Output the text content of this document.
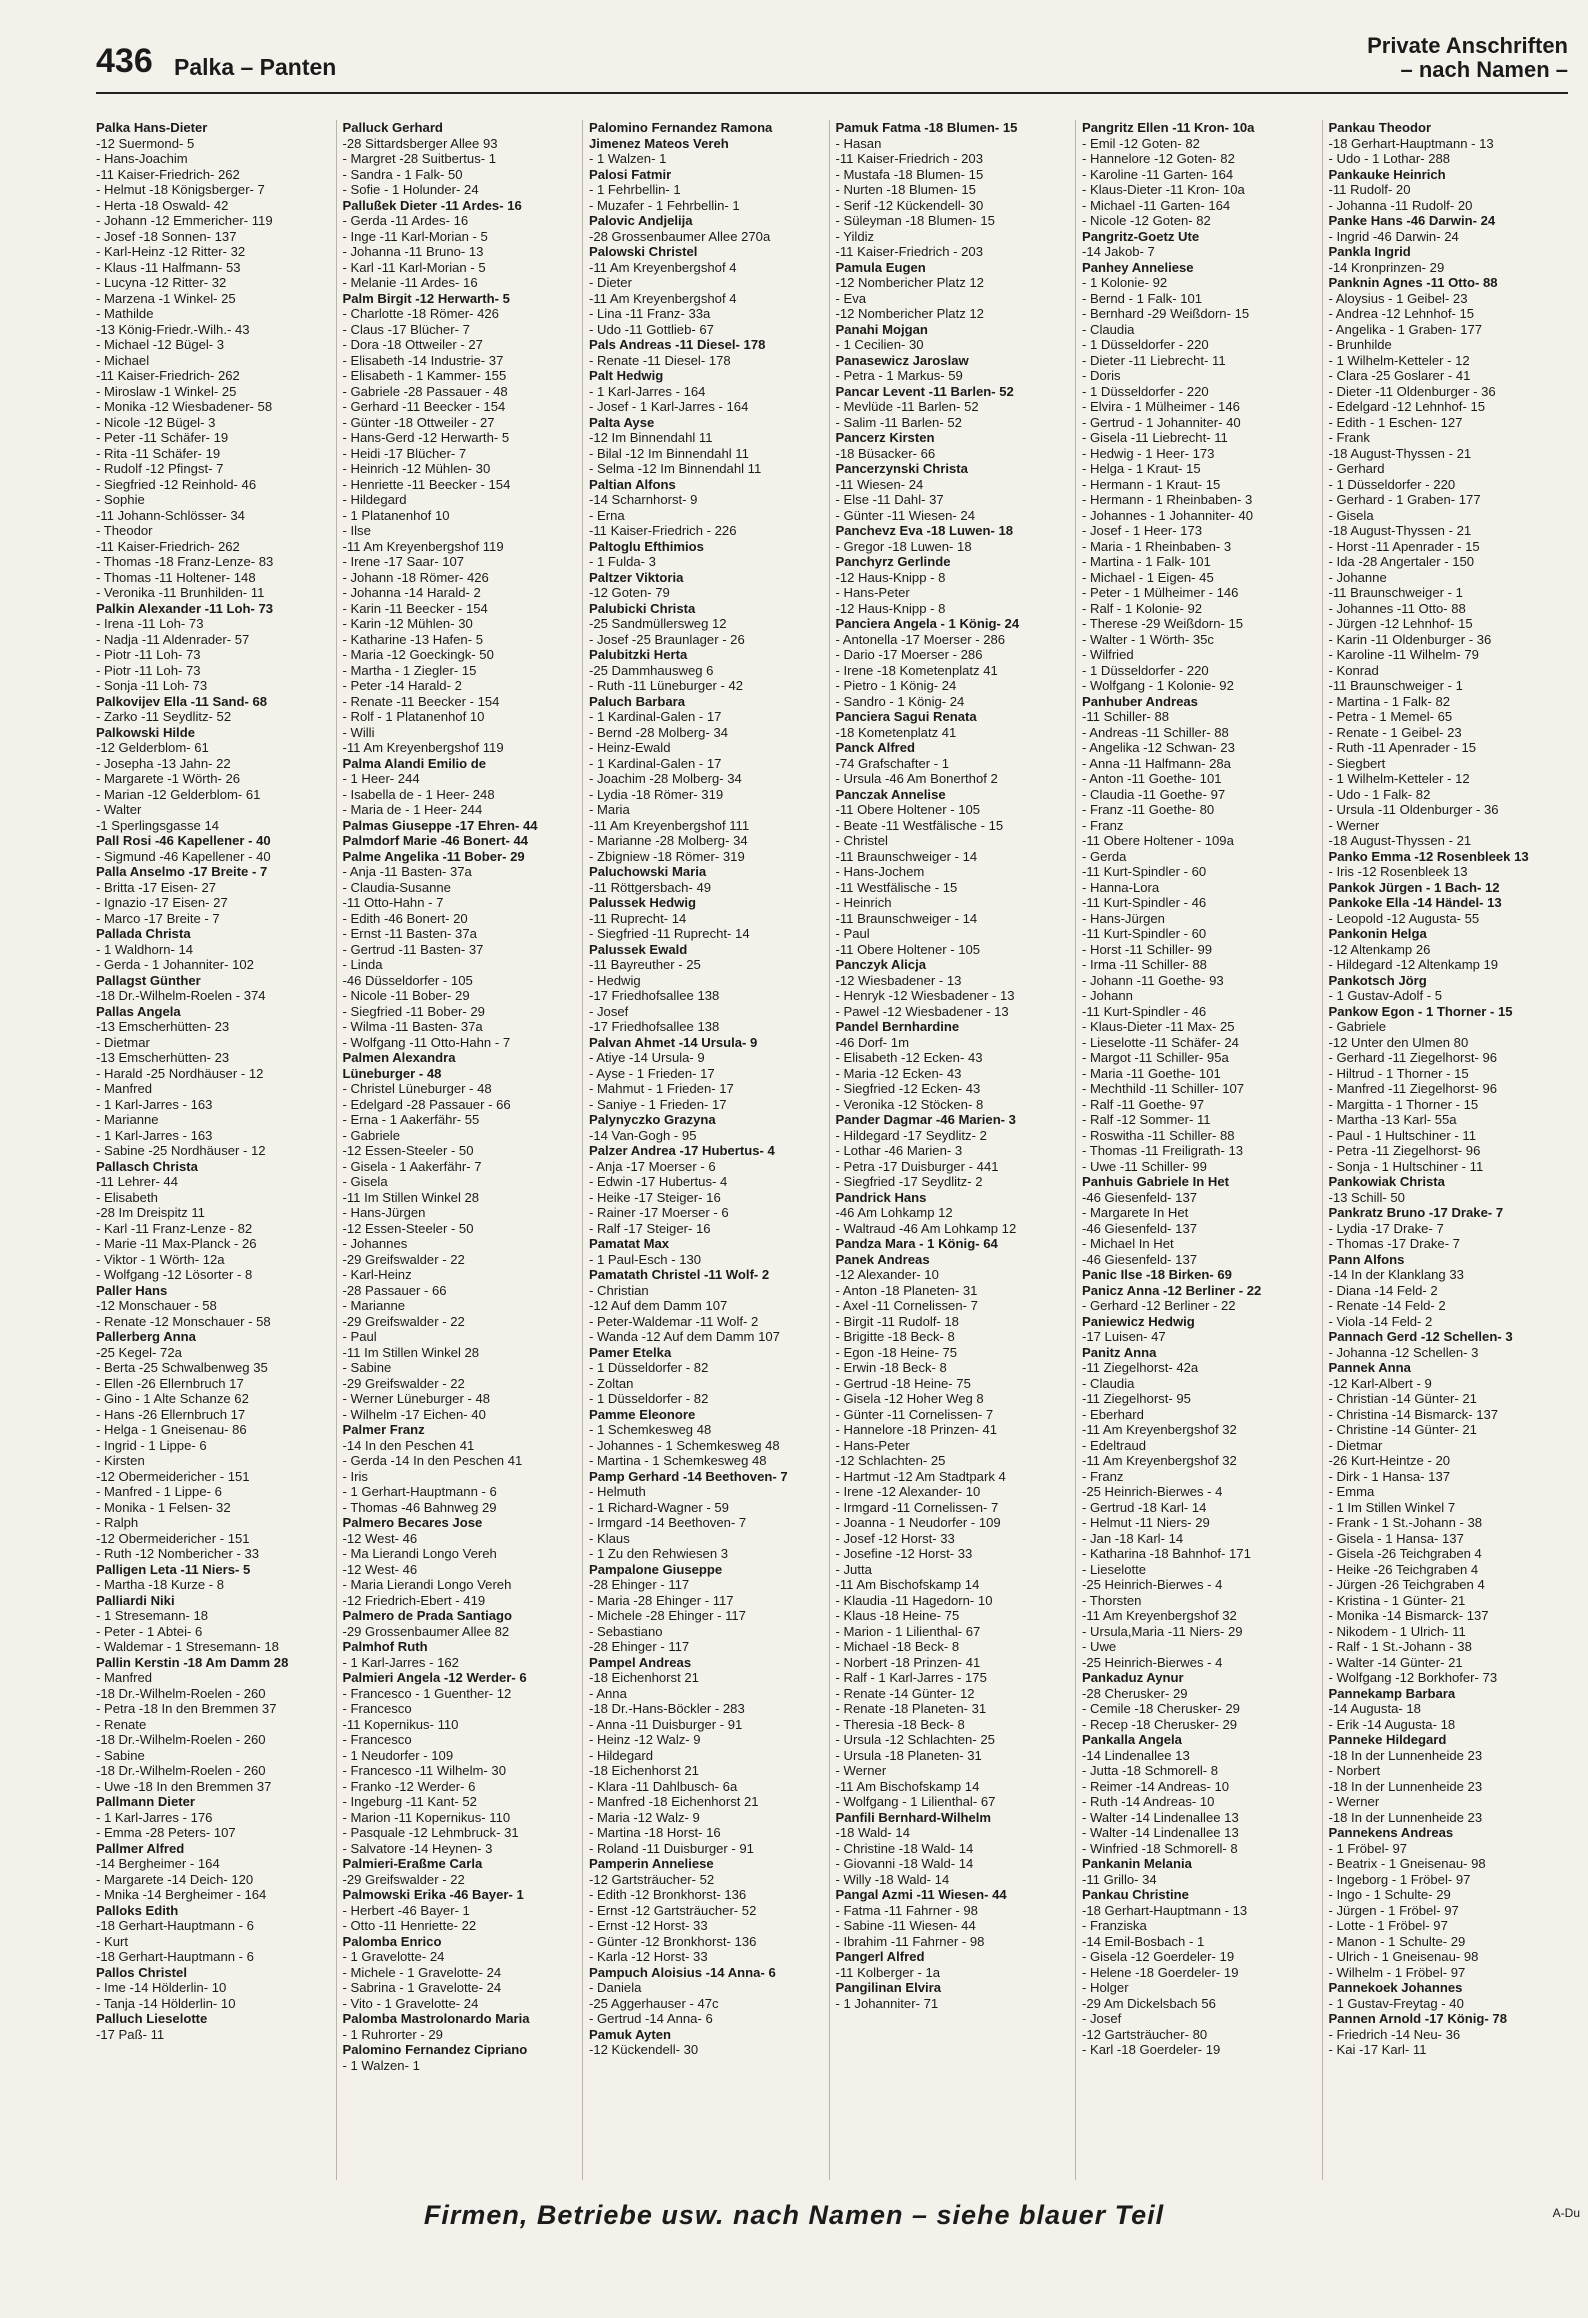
436 Palka – Panten
Private Anschriften
– nach Namen –
Palka Hans-Dieter
-12 Suermond- 5
- Hans-Joachim
-11 Kaiser-Friedrich- 262
- Helmut -18 Königsberger- 7
- Herta -18 Oswald- 42
- Johann -12 Emmericher- 119
- Josef -18 Sonnen- 137
- Karl-Heinz -12 Ritter- 32
- Klaus -11 Halfmann- 53
- Lucyna -12 Ritter- 32
- Marzena -1 Winkel- 25
- Mathilde
-13 König-Friedr.-Wilh.- 43
- Michael -12 Bügel- 3
- Michael
-11 Kaiser-Friedrich- 262
- Miroslaw -1 Winkel- 25
- Monika -12 Wiesbadener- 58
- Nicole -12 Bügel- 3
- Peter -11 Schäfer- 19
- Rita -11 Schäfer- 19
- Rudolf -12 Pfingst- 7
- Siegfried -12 Reinhold- 46
- Sophie
-11 Johann-Schlösser- 34
- Theodor
-11 Kaiser-Friedrich- 262
- Thomas -18 Franz-Lenze- 83
- Thomas -11 Holtener- 148
- Veronika -11 Brunhilden- 11
Palkin Alexander -11 Loh- 73
- Irena -11 Loh- 73
- Nadja -11 Aldenrader- 57
- Piotr -11 Loh- 73
- Piotr -11 Loh- 73
- Sonja -11 Loh- 73
Palkovijev Ella -11 Sand- 68
- Zarko -11 Seydlitz- 52
Palkowski Hilde
-12 Gelderblom- 61
- Josepha -13 Jahn- 22
- Margarete -1 Wörth- 26
- Marian -12 Gelderblom- 61
- Walter
-1 Sperlingsgasse 14
Pall Rosi -46 Kapellener - 40
- Sigmund -46 Kapellener - 40
Palla Anselmo -17 Breite - 7
- Britta -17 Eisen- 27
- Ignazio -17 Eisen- 27
- Marco -17 Breite - 7
Pallada Christa
- 1 Waldhorn- 14
- Gerda - 1 Johanniter- 102
Pallagst Günther
-18 Dr.-Wilhelm-Roelen - 374
Pallas Angela
-13 Emscherhütten- 23
- Dietmar
-13 Emscherhütten- 23
- Harald -25 Nordhäuser - 12
- Manfred
- 1 Karl-Jarres - 163
- Marianne
- 1 Karl-Jarres - 163
- Sabine -25 Nordhäuser - 12
Pallasch Christa
-11 Lehrer- 44
- Elisabeth
-28 Im Dreispitz 11
- Karl -11 Franz-Lenze - 82
- Marie -11 Max-Planck - 26
- Viktor - 1 Wörth- 12a
- Wolfgang -12 Lösorter - 8
Paller Hans
-12 Monschauer - 58
- Renate -12 Monschauer - 58
Pallerberg Anna
-25 Kegel- 72a
- Berta -25 Schwalbenweg 35
- Ellen -26 Ellernbruch 17
- Gino - 1 Alte Schanze 62
- Hans -26 Ellernbruch 17
- Helga - 1 Gneisenau- 86
- Ingrid - 1 Lippe- 6
- Kirsten
-12 Obermeidericher - 151
- Manfred - 1 Lippe- 6
- Monika - 1 Felsen- 32
- Ralph
-12 Obermeidericher - 151
- Ruth -12 Nombericher - 33
Palligen Leta -11 Niers- 5
- Martha -18 Kurze - 8
Palliardi Niki
- 1 Stresemann- 18
- Peter - 1 Abtei- 6
- Waldemar - 1 Stresemann- 18
Pallin Kerstin -18 Am Damm 28
- Manfred
-18 Dr.-Wilhelm-Roelen - 260
- Petra -18 In den Bremmen 37
- Renate
-18 Dr.-Wilhelm-Roelen - 260
- Sabine
-18 Dr.-Wilhelm-Roelen - 260
- Uwe -18 In den Bremmen 37
Pallmann Dieter
- 1 Karl-Jarres - 176
- Emma -28 Peters- 107
Pallmer Alfred
-14 Bergheimer - 164
- Margarete -14 Deich- 120
- Mnika -14 Bergheimer - 164
Palloks Edith
-18 Gerhart-Hauptmann - 6
- Kurt
-18 Gerhart-Hauptmann - 6
Pallos Christel
- Ime -14 Hölderlin- 10
- Tanja -14 Hölderlin- 10
Palluch Lieselotte
-17 Paß- 11
Palluck Gerhard
-28 Sittardsberger Allee 93
- Margret -28 Suitbertus- 1
- Sandra - 1 Falk- 50
- Sofie - 1 Holunder- 24
Pallußek Dieter -11 Ardes- 16
- Gerda -11 Ardes- 16
- Inge -11 Karl-Morian - 5
- Johanna -11 Bruno- 13
- Karl -11 Karl-Morian - 5
- Melanie -11 Ardes- 16
Palm Birgit -12 Herwarth- 5
- Charlotte -18 Römer- 426
- Claus -17 Blücher- 7
- Dora -18 Ottweiler - 27
- Elisabeth -14 Industrie- 37
- Elisabeth - 1 Kammer- 155
- Gabriele -28 Passauer - 48
- Gerhard -11 Beecker - 154
- Günter -18 Ottweiler - 27
- Hans-Gerd -12 Herwarth- 5
- Heidi -17 Blücher- 7
- Heinrich -12 Mühlen- 30
- Henriette -11 Beecker - 154
- Hildegard
- 1 Platanenhof 10
- Ilse
-11 Am Kreyenbergshof 119
- Irene -17 Saar- 107
- Johann -18 Römer- 426
- Johanna -14 Harald- 2
- Karin -11 Beecker - 154
- Karin -12 Mühlen- 30
- Katharine -13 Hafen- 5
- Maria -12 Goeckingk- 50
- Martha - 1 Ziegler- 15
- Peter -14 Harald- 2
- Renate -11 Beecker - 154
- Rolf - 1 Platanenhof 10
- Willi
-11 Am Kreyenbergshof 119
Palma Alandi Emilio de
- 1 Heer- 244
- Isabella de - 1 Heer- 248
- Maria de - 1 Heer- 244
Palmas Giuseppe -17 Ehren- 44
Palmdorf Marie -46 Bonert- 44
Palme Angelika -11 Bober- 29
- Anja -11 Basten- 37a
- Claudia-Susanne
-11 Otto-Hahn - 7
- Edith -46 Bonert- 20
- Ernst -11 Basten- 37a
- Gertrud -11 Basten- 37
- Linda
-46 Düsseldorfer - 105
- Nicole -11 Bober- 29
- Siegfried -11 Bober- 29
- Wilma -11 Basten- 37a
- Wolfgang -11 Otto-Hahn - 7
Palmen Alexandra
Lüneburger - 48
- Christel Lüneburger - 48
- Edelgard -28 Passauer - 66
- Erna - 1 Aakerfähr- 55
- Gabriele
-12 Essen-Steeler - 50
- Gisela - 1 Aakerfähr- 7
- Gisela
-11 Im Stillen Winkel 28
- Hans-Jürgen
-12 Essen-Steeler - 50
- Johannes
-29 Greifswalder - 22
- Karl-Heinz
-28 Passauer - 66
- Marianne
-29 Greifswalder - 22
- Paul
-11 Im Stillen Winkel 28
- Sabine
-29 Greifswalder - 22
- Werner Lüneburger - 48
- Wilhelm -17 Eichen- 40
Palmer Franz
-14 In den Peschen 41
- Gerda -14 In den Peschen 41
- Iris
- 1 Gerhart-Hauptmann - 6
- Thomas -46 Bahnweg 29
Palmero Becares Jose
-12 West- 46
- Ma Lierandi Longo Vereh
-12 West- 46
- Maria Lierandi Longo Vereh
-12 Friedrich-Ebert - 419
Palmero de Prada Santiago
-29 Grossenbaumer Allee 82
Palmhof Ruth
- 1 Karl-Jarres - 162
Palmieri Angela -12 Werder- 6
- Francesco - 1 Guenther- 12
- Francesco
-11 Kopernikus- 110
- Francesco
- 1 Neudorfer - 109
- Francesco -11 Wilhelm- 30
- Franko -12 Werder- 6
- Ingeburg -11 Kant- 52
- Marion -11 Kopernikus- 110
- Pasquale -12 Lehmbruck- 31
- Salvatore -14 Heynen- 3
Palmieri-Eraßme Carla
-29 Greifswalder - 22
Palmowski Erika -46 Bayer- 1
- Herbert -46 Bayer- 1
- Otto -11 Henriette- 22
Palomba Enrico
- 1 Gravelotte- 24
- Michele - 1 Gravelotte- 24
- Sabrina - 1 Gravelotte- 24
- Vito - 1 Gravelotte- 24
Palomba Mastrolonardo Maria
- 1 Ruhrorter - 29
Palomino Fernandez Cipriano
- 1 Walzen- 1
Palomino Fernandez Ramona
Jimenez Mateos Vereh
- 1 Walzen- 1
Palosi Fatmir
- 1 Fehrbellin- 1
- Muzafer - 1 Fehrbellin- 1
Palovic Andjelija
-28 Grossenbaumer Allee 270a
Palowski Christel
-11 Am Kreyenbergshof 4
- Dieter
-11 Am Kreyenbergshof 4
- Lina -11 Franz- 33a
- Udo -11 Gottlieb- 67
Pals Andreas -11 Diesel- 178
- Renate -11 Diesel- 178
Palt Hedwig
- 1 Karl-Jarres - 164
- Josef - 1 Karl-Jarres - 164
Palta Ayse
-12 Im Binnendahl 11
- Bilal -12 Im Binnendahl 11
- Selma -12 Im Binnendahl 11
Paltian Alfons
-14 Scharnhorst- 9
- Erna
-11 Kaiser-Friedrich - 226
Paltoglu Efthimios
- 1 Fulda- 3
Paltzer Viktoria
-12 Goten- 79
Palubicki Christa
-25 Sandmüllersweg 12
- Josef -25 Braunlager - 26
Palubitzki Herta
-25 Dammhausweg 6
- Ruth -11 Lüneburger - 42
Paluch Barbara
- 1 Kardinal-Galen - 17
- Bernd -28 Molberg- 34
- Heinz-Ewald
- 1 Kardinal-Galen - 17
- Joachim -28 Molberg- 34
- Lydia -18 Römer- 319
- Maria
-11 Am Kreyenbergshof 111
- Marianne -28 Molberg- 34
- Zbigniew -18 Römer- 319
Paluchowski Maria
-11 Röttgersbach- 49
Palussek Hedwig
-11 Ruprecht- 14
- Siegfried -11 Ruprecht- 14
Palussek Ewald
-11 Bayreuther - 25
- Hedwig
-17 Friedhofsallee 138
- Josef
-17 Friedhofsallee 138
Palvan Ahmet -14 Ursula- 9
- Atiye -14 Ursula- 9
- Ayse - 1 Frieden- 17
- Mahmut - 1 Frieden- 17
- Saniye - 1 Frieden- 17
Palynyczko Grazyna
-14 Van-Gogh - 95
Palzer Andrea -17 Hubertus- 4
- Anja -17 Moerser - 6
- Edwin -17 Hubertus- 4
- Heike -17 Steiger- 16
- Rainer -17 Moerser - 6
- Ralf -17 Steiger- 16
Pamatat Max
- 1 Paul-Esch - 130
Pamatath Christel -11 Wolf- 2
- Christian
-12 Auf dem Damm 107
- Peter-Waldemar -11 Wolf- 2
- Wanda -12 Auf dem Damm 107
Pamer Etelka
- 1 Düsseldorfer - 82
- Zoltan
- 1 Düsseldorfer - 82
Pamme Eleonore
- 1 Schemkesweg 48
- Johannes - 1 Schemkesweg 48
- Martina - 1 Schemkesweg 48
Pamp Gerhard -14 Beethoven- 7
- Helmuth
- 1 Richard-Wagner - 59
- Irmgard -14 Beethoven- 7
- Klaus
- 1 Zu den Rehwiesen 3
Pampalone Giuseppe
-28 Ehinger - 117
- Maria -28 Ehinger - 117
- Michele -28 Ehinger - 117
- Sebastiano
-28 Ehinger - 117
Pampel Andreas
-18 Eichenhorst 21
- Anna
-18 Dr.-Hans-Böckler - 283
- Anna -11 Duisburger - 91
- Heinz -12 Walz- 9
- Hildegard
-18 Eichenhorst 21
- Klara -11 Dahlbusch- 6a
- Manfred -18 Eichenhorst 21
- Maria -12 Walz- 9
- Martina -18 Horst- 16
- Roland -11 Duisburger - 91
Pamperin Anneliese
-12 Gartsträucher- 52
- Edith -12 Bronkhorst- 136
- Ernst -12 Gartsträucher- 52
- Ernst -12 Horst- 33
- Günter -12 Bronkhorst- 136
- Karla -12 Horst- 33
Pampuch Aloisius -14 Anna- 6
- Daniela
-25 Aggerhauser - 47c
- Gertrud -14 Anna- 6
Pamuk Ayten
-12 Kückendell- 30
Pamuk Fatma -18 Blumen- 15
- Hasan
-11 Kaiser-Friedrich - 203
- Mustafa -18 Blumen- 15
- Nurten -18 Blumen- 15
- Serif -12 Kückendell- 30
- Süleyman -18 Blumen- 15
- Yildiz
-11 Kaiser-Friedrich - 203
Pamula Eugen
-12 Nombericher Platz 12
- Eva
-12 Nombericher Platz 12
Panahi Mojgan
- 1 Cecilien- 30
Panasewicz Jaroslaw
- Petra - 1 Markus- 59
Pancar Levent -11 Barlen- 52
- Mevlüde -11 Barlen- 52
- Salim -11 Barlen- 52
Pancerz Kirsten
-18 Büsacker- 66
Pancerzynski Christa
-11 Wiesen- 24
- Else -11 Dahl- 37
- Günter -11 Wiesen- 24
Panchevz Eva -18 Luwen- 18
- Gregor -18 Luwen- 18
Panchyrz Gerlinde
-12 Haus-Knipp - 8
- Hans-Peter
-12 Haus-Knipp - 8
Panciera Angela - 1 König- 24
- Antonella -17 Moerser - 286
- Dario -17 Moerser - 286
- Irene -18 Kometenplatz 41
- Pietro - 1 König- 24
- Sandro - 1 König- 24
Panciera Sagui Renata
-18 Kometenplatz 41
Panck Alfred
-74 Grafschafter - 1
- Ursula -46 Am Bonerthof 2
Panczak Annelise
-11 Obere Holtener - 105
- Beate -11 Westfälische - 15
- Christel
-11 Braunschweiger - 14
- Hans-Jochem
-11 Westfälische - 15
- Heinrich
-11 Braunschweiger - 14
- Paul
-11 Obere Holtener - 105
Panczyk Alicja
-12 Wiesbadener - 13
- Henryk -12 Wiesbadener - 13
- Pawel -12 Wiesbadener - 13
Pandel Bernhardine
-46 Dorf- 1m
- Elisabeth -12 Ecken- 43
- Maria -12 Ecken- 43
- Siegfried -12 Ecken- 43
- Veronika -12 Stöcken- 8
Pander Dagmar -46 Marien- 3
- Hildegard -17 Seydlitz- 2
- Lothar -46 Marien- 3
- Petra -17 Duisburger - 441
- Siegfried -17 Seydlitz- 2
Pandrick Hans
-46 Am Lohkamp 12
- Waltraud -46 Am Lohkamp 12
Pandza Mara - 1 König- 64
Panek Andreas
-12 Alexander- 10
- Anton -18 Planeten- 31
- Axel -11 Cornelissen- 7
- Birgit -11 Rudolf- 18
- Brigitte -18 Beck- 8
- Egon -18 Heine- 75
- Erwin -18 Beck- 8
- Gertrud -18 Heine- 75
- Gisela -12 Hoher Weg 8
- Günter -11 Cornelissen- 7
- Hannelore -18 Prinzen- 41
- Hans-Peter
-12 Schlachten- 25
- Hartmut -12 Am Stadtpark 4
- Irene -12 Alexander- 10
- Irmgard -11 Cornelissen- 7
- Joanna - 1 Neudorfer - 109
- Josef -12 Horst- 33
- Josefine -12 Horst- 33
- Jutta
-11 Am Bischofskamp 14
- Klaudia -11 Hagedorn- 10
- Klaus -18 Heine- 75
- Marion - 1 Lilienthal- 67
- Michael -18 Beck- 8
- Norbert -18 Prinzen- 41
- Ralf - 1 Karl-Jarres - 175
- Renate -14 Günter- 12
- Renate -18 Planeten- 31
- Theresia -18 Beck- 8
- Ursula -12 Schlachten- 25
- Ursula -18 Planeten- 31
- Werner
-11 Am Bischofskamp 14
- Wolfgang - 1 Lilienthal- 67
Panfili Bernhard-Wilhelm
-18 Wald- 14
- Christine -18 Wald- 14
- Giovanni -18 Wald- 14
- Willy -18 Wald- 14
Pangal Azmi -11 Wiesen- 44
- Fatma -11 Fahrner - 98
- Sabine -11 Wiesen- 44
- Ibrahim -11 Fahrner - 98
Pangerl Alfred
-11 Kolberger - 1a
Pangilinan Elvira
- 1 Johanniter- 71
Pangritz Ellen -11 Kron- 10a
- Emil -12 Goten- 82
- Hannelore -12 Goten- 82
- Karoline -11 Garten- 164
- Klaus-Dieter -11 Kron- 10a
- Michael -11 Garten- 164
- Nicole -12 Goten- 82
Pangritz-Goetz Ute
-14 Jakob- 7
Panhey Anneliese
- 1 Kolonie- 92
- Bernd - 1 Falk- 101
- Bernhard -29 Weißdorn- 15
- Claudia
- 1 Düsseldorfer - 220
- Dieter -11 Liebrecht- 11
- Doris
- 1 Düsseldorfer - 220
- Elvira - 1 Mülheimer - 146
- Gertrud - 1 Johanniter- 40
- Gisela -11 Liebrecht- 11
- Hedwig - 1 Heer- 173
- Helga - 1 Kraut- 15
- Hermann - 1 Kraut- 15
- Hermann - 1 Rheinbaben- 3
- Johannes - 1 Johanniter- 40
- Josef - 1 Heer- 173
- Maria - 1 Rheinbaben- 3
- Martina - 1 Falk- 101
- Michael - 1 Eigen- 45
- Peter - 1 Mülheimer - 146
- Ralf - 1 Kolonie- 92
- Therese -29 Weißdorn- 15
- Walter - 1 Wörth- 35c
- Wilfried
- 1 Düsseldorfer - 220
- Wolfgang - 1 Kolonie- 92
Panhuber Andreas
-11 Schiller- 88
- Andreas -11 Schiller- 88
- Angelika -12 Schwan- 23
- Anna -11 Halfmann- 28a
- Anton -11 Goethe- 101
- Claudia -11 Goethe- 97
- Franz -11 Goethe- 80
- Franz
-11 Obere Holtener - 109a
- Gerda
-11 Kurt-Spindler - 60
- Hanna-Lora
-11 Kurt-Spindler - 46
- Hans-Jürgen
-11 Kurt-Spindler - 60
- Horst -11 Schiller- 99
- Irma -11 Schiller- 88
- Johann -11 Goethe- 93
- Johann
-11 Kurt-Spindler - 46
- Klaus-Dieter -11 Max- 25
- Lieselotte -11 Schäfer- 24
- Margot -11 Schiller- 95a
- Maria -11 Goethe- 101
- Mechthild -11 Schiller- 107
- Ralf -11 Goethe- 97
- Ralf -12 Sommer- 11
- Roswitha -11 Schiller- 88
- Thomas -11 Freiligrath- 13
- Uwe -11 Schiller- 99
Panhuis Gabriele In Het
-46 Giesenfeld- 137
- Margarete In Het
-46 Giesenfeld- 137
- Michael In Het
-46 Giesenfeld- 137
Panic Ilse -18 Birken- 69
Panicz Anna -12 Berliner - 22
- Gerhard -12 Berliner - 22
Paniewicz Hedwig
-17 Luisen- 47
Panitz Anna
-11 Ziegelhorst- 42a
- Claudia
-11 Ziegelhorst- 95
- Eberhard
-11 Am Kreyenbergshof 32
- Edeltraud
-11 Am Kreyenbergshof 32
- Franz
-25 Heinrich-Bierwes - 4
- Gertrud -18 Karl- 14
- Helmut -11 Niers- 29
- Jan -18 Karl- 14
- Katharina -18 Bahnhof- 171
- Lieselotte
-25 Heinrich-Bierwes - 4
- Thorsten
-11 Am Kreyenbergshof 32
- Ursula,Maria -11 Niers- 29
- Uwe
-25 Heinrich-Bierwes - 4
Pankaduz Aynur
-28 Cherusker- 29
- Cemile -18 Cherusker- 29
- Recep -18 Cherusker- 29
Pankalla Angela
-14 Lindenallee 13
- Jutta -18 Schmorell- 8
- Reimer -14 Andreas- 10
- Ruth -14 Andreas- 10
- Walter -14 Lindenallee 13
- Walter -14 Lindenallee 13
- Winfried -18 Schmorell- 8
Pankanin Melania
-11 Grillo- 34
Pankau Christine
-18 Gerhart-Hauptmann - 13
- Franziska
-14 Emil-Bosbach - 1
- Gisela -12 Goerdeler- 19
- Helene -18 Goerdeler- 19
- Holger
-29 Am Dickelsbach 56
- Josef
-12 Gartsträucher- 80
- Karl -18 Goerdeler- 19
Pankau Theodor
-18 Gerhart-Hauptmann - 13
- Udo - 1 Lothar- 288
Pankauke Heinrich
-11 Rudolf- 20
- Johanna -11 Rudolf- 20
Panke Hans -46 Darwin- 24
- Ingrid -46 Darwin- 24
Pankla Ingrid
-14 Kronprinzen- 29
Panknin Agnes -11 Otto- 88
- Aloysius - 1 Geibel- 23
- Andrea -12 Lehnhof- 15
- Angelika - 1 Graben- 177
- Brunhilde
- 1 Wilhelm-Ketteler - 12
- Clara -25 Goslarer - 41
- Dieter -11 Oldenburger - 36
- Edelgard -12 Lehnhof- 15
- Edith - 1 Eschen- 127
- Frank
-18 August-Thyssen - 21
- Gerhard
- 1 Düsseldorfer - 220
- Gerhard - 1 Graben- 177
- Gisela
-18 August-Thyssen - 21
- Horst -11 Apenrader - 15
- Ida -28 Angertaler - 150
- Johanne
-11 Braunschweiger - 1
- Johannes -11 Otto- 88
- Jürgen -12 Lehnhof- 15
- Karin -11 Oldenburger - 36
- Karoline -11 Wilhelm- 79
- Konrad
-11 Braunschweiger - 1
- Martina - 1 Falk- 82
- Petra - 1 Memel- 65
- Renate - 1 Geibel- 23
- Ruth -11 Apenrader - 15
- Siegbert
- 1 Wilhelm-Ketteler - 12
- Udo - 1 Falk- 82
- Ursula -11 Oldenburger - 36
- Werner
-18 August-Thyssen - 21
Panko Emma -12 Rosenbleek 13
- Iris -12 Rosenbleek 13
Pankok Jürgen - 1 Bach- 12
Pankoke Ella -14 Händel- 13
- Leopold -12 Augusta- 55
Pankonin Helga
-12 Altenkamp 26
- Hildegard -12 Altenkamp 19
Pankotsch Jörg
- 1 Gustav-Adolf - 5
Pankow Egon - 1 Thorner - 15
- Gabriele
-12 Unter den Ulmen 80
- Gerhard -11 Ziegelhorst- 96
- Hiltrud - 1 Thorner - 15
- Manfred -11 Ziegelhorst- 96
- Margitta - 1 Thorner - 15
- Martha -13 Karl- 55a
- Paul - 1 Hultschiner - 11
- Petra -11 Ziegelhorst- 96
- Sonja - 1 Hultschiner - 11
Pankowiak Christa
-13 Schill- 50
Pankratz Bruno -17 Drake- 7
- Lydia -17 Drake- 7
- Thomas -17 Drake- 7
Pann Alfons
-14 In der Klanklang 33
- Diana -14 Feld- 2
- Renate -14 Feld- 2
- Viola -14 Feld- 2
Pannach Gerd -12 Schellen- 3
- Johanna -12 Schellen- 3
Pannek Anna
-12 Karl-Albert - 9
- Christian -14 Günter- 21
- Christina -14 Bismarck- 137
- Christine -14 Günter- 21
- Dietmar
-26 Kurt-Heintze - 20
- Dirk - 1 Hansa- 137
- Emma
- 1 Im Stillen Winkel 7
- Frank - 1 St.-Johann - 38
- Gisela - 1 Hansa- 137
- Gisela -26 Teichgraben 4
- Heike -26 Teichgraben 4
- Jürgen -26 Teichgraben 4
- Kristina - 1 Günter- 21
- Monika -14 Bismarck- 137
- Nikodem - 1 Ulrich- 11
- Ralf - 1 St.-Johann - 38
- Walter -14 Günter- 21
- Wolfgang -12 Borkhofer- 73
Pannekamp Barbara
-14 Augusta- 18
- Erik -14 Augusta- 18
Panneke Hildegard
-18 In der Lunnenheide 23
- Norbert
-18 In der Lunnenheide 23
- Werner
-18 In der Lunnenheide 23
Pannekens Andreas
- 1 Fröbel- 97
- Beatrix - 1 Gneisenau- 98
- Ingeborg - 1 Fröbel- 97
- Ingo - 1 Schulte- 29
- Jürgen - 1 Fröbel- 97
- Lotte - 1 Fröbel- 97
- Manon - 1 Schulte- 29
- Ulrich - 1 Gneisenau- 98
- Wilhelm - 1 Fröbel- 97
Pannekoek Johannes
- 1 Gustav-Freytag - 40
Pannen Arnold -17 König- 78
- Friedrich -14 Neu- 36
- Kai -17 Karl- 11
Firmen, Betriebe usw. nach Namen – siehe blauer Teil	A-Du
